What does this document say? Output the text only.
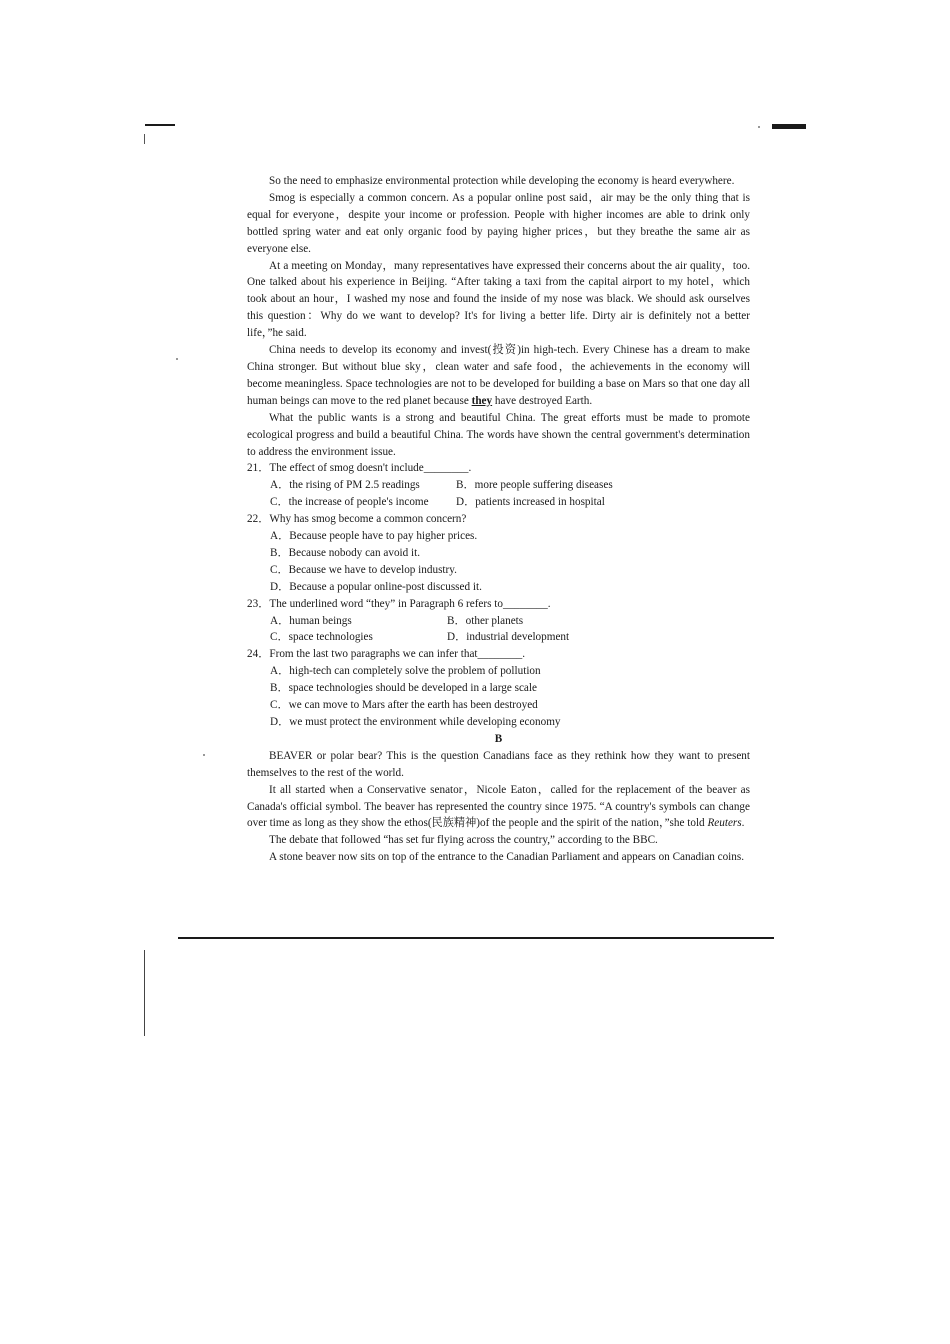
So the need to emphasize environmental protection while developing the economy is heard everywhere.

Smog is especially a common concern. As a popular online post said，air may be the only thing that is equal for everyone，despite your income or profession. People with higher incomes are able to drink only bottled spring water and eat only organic food by paying higher prices，but they breathe the same air as everyone else.

At a meeting on Monday，many representatives have expressed their concerns about the air quality，too. One talked about his experience in Beijing. “After taking a taxi from the capital airport to my hotel，which took about an hour，I washed my nose and found the inside of my nose was black. We should ask ourselves this question：Why do we want to develop? It's for living a better life. Dirty air is definitely not a better life，”he said.

China needs to develop its economy and invest(投资)in high-tech. Every Chinese has a dream to make China stronger. But without blue sky，clean water and safe food，the achievements in the economy will become meaningless. Space technologies are not to be developed for building a base on Mars so that one day all human beings can move to the red planet because they have destroyed Earth.

What the public wants is a strong and beautiful China. The great efforts must be made to promote ecological progress and build a beautiful China. The words have shown the central government's determination to address the environment issue.

21．The effect of smog doesn't include________.

A．the rising of PM 2.5 readings	B．more people suffering diseases
C．the increase of people's income	D．patients increased in hospital

22．Why has smog become a common concern?

A．Because people have to pay higher prices.

B．Because nobody can avoid it.

C．Because we have to develop industry.

D．Because a popular online-post discussed it.

23．The underlined word “they” in Paragraph 6 refers to________.

A．human beings	B．other planets
C．space technologies	D．industrial development

24．From the last two paragraphs we can infer that________.

A．high-tech can completely solve the problem of pollution

B．space technologies should be developed in a large scale

C．we can move to Mars after the earth has been destroyed

D．we must protect the environment while developing economy

B

BEAVER or polar bear? This is the question Canadians face as they rethink how they want to present themselves to the rest of the world.

It all started when a Conservative senator，Nicole Eaton，called for the replacement of the beaver as Canada's official symbol. The beaver has represented the country since 1975. “A country's symbols can change over time as long as they show the ethos(民族精神)of the people and the spirit of the nation，”she told Reuters.

The debate that followed “has set fur flying across the country,” according to the BBC.

A stone beaver now sits on top of the entrance to the Canadian Parliament and appears on Canadian coins.
